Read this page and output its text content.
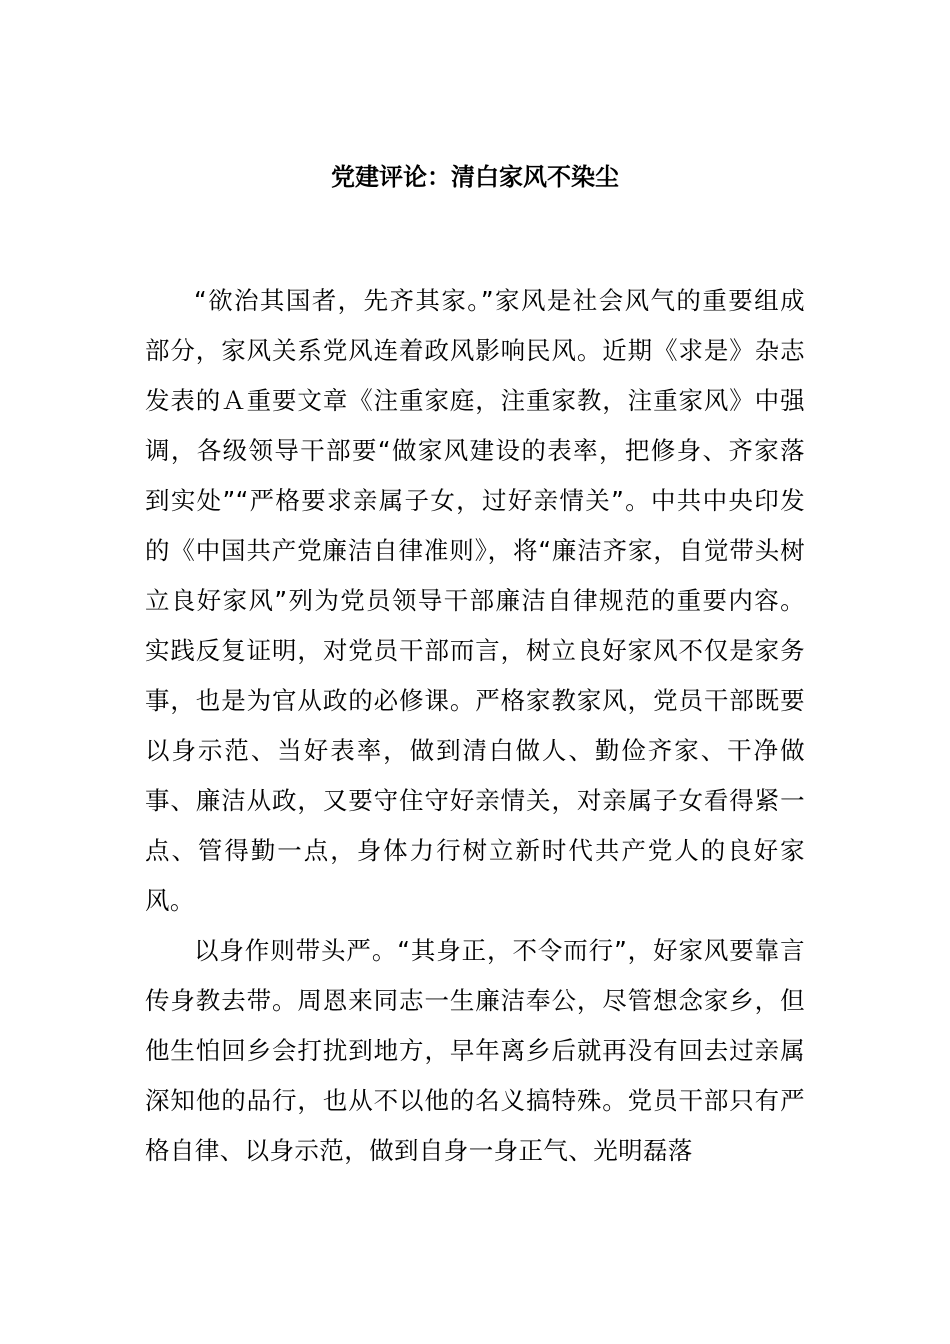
党建评论：清白家风不染尘

“欲治其国者，先齐其家。”家风是社会风气的重要组成部分，家风关系党风连着政风影响民风。近期《求是》杂志发表的Ａ重要文章《注重家庭，注重家教，注重家风》中强调，各级领导干部要“做家风建设的表率，把修身、齐家落到实处”“严格要求亲属子女，过好亲情关”。中共中央印发的《中国共产党廉洁自律准则》，将“廉洁齐家，自觉带头树立良好家风”列为党员领导干部廉洁自律规范的重要内容。实践反复证明，对党员干部而言，树立良好家风不仅是家务事，也是为官从政的必修课。严格家教家风，党员干部既要以身示范、当好表率，做到清白做人、勤俭齐家、干净做事、廉洁从政，又要守住守好亲情关，对亲属子女看得紧一点、管得勤一点，身体力行树立新时代共产党人的良好家风。

以身作则带头严。“其身正，不令而行”，好家风要靠言传身教去带。周恩来同志一生廉洁奉公，尽管想念家乡，但他生怕回乡会打扰到地方，早年离乡后就再没有回去过亲属深知他的品行，也从不以他的名义搞特殊。党员干部只有严格自律、以身示范，做到自身一身正气、光明磊落
